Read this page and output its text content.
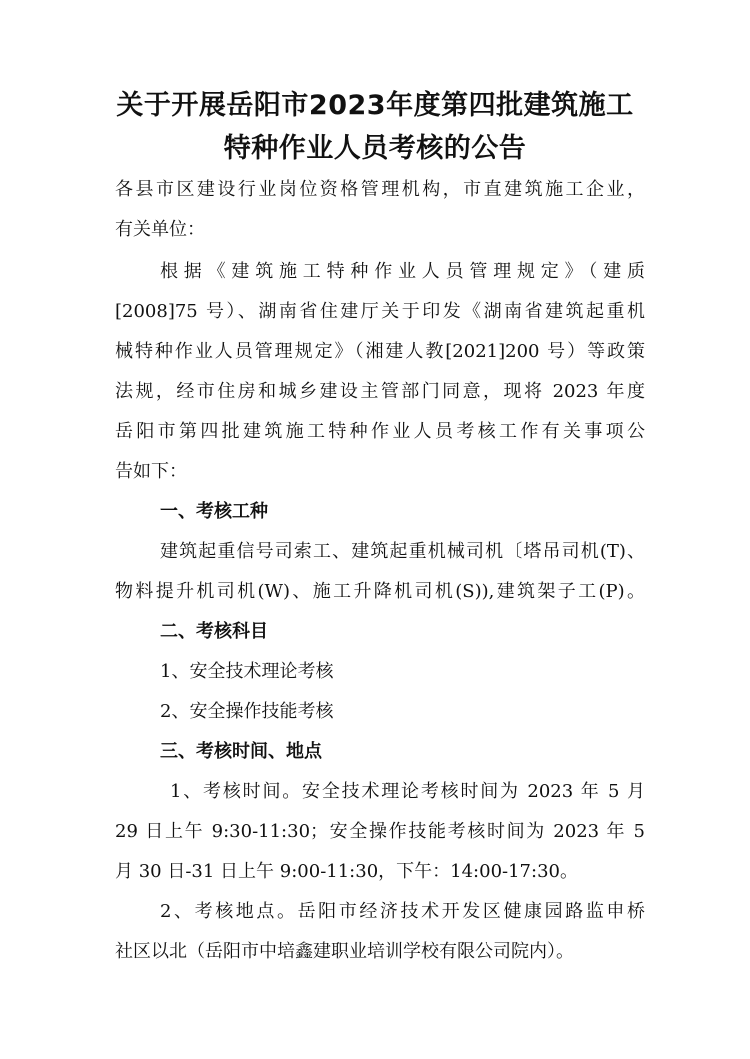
关于开展岳阳市2023年度第四批建筑施工
特种作业人员考核的公告
各县市区建设行业岗位资格管理机构，市直建筑施工企业，
有关单位：
根据《建筑施工特种作业人员管理规定》（建质
[2008]75 号）、湖南省住建厅关于印发《湖南省建筑起重机
械特种作业人员管理规定》（湘建人教[2021]200 号）等政策
法规，经市住房和城乡建设主管部门同意，现将 2023 年度
岳阳市第四批建筑施工特种作业人员考核工作有关事项公
告如下：
一、考核工种
建筑起重信号司索工、建筑起重机械司机〔塔吊司机(T)、
物料提升机司机(W)、施工升降机司机(S)),建筑架子工(P)。
二、考核科目
1、安全技术理论考核
2、安全操作技能考核
三、考核时间、地点
1、考核时间。安全技术理论考核时间为 2023 年 5 月
29 日上午 9:30-11:30；安全操作技能考核时间为 2023 年 5
月 30 日-31 日上午 9:00-11:30，下午：14:00-17:30。
2、考核地点。岳阳市经济技术开发区健康园路监申桥
社区以北（岳阳市中培鑫建职业培训学校有限公司院内）。
